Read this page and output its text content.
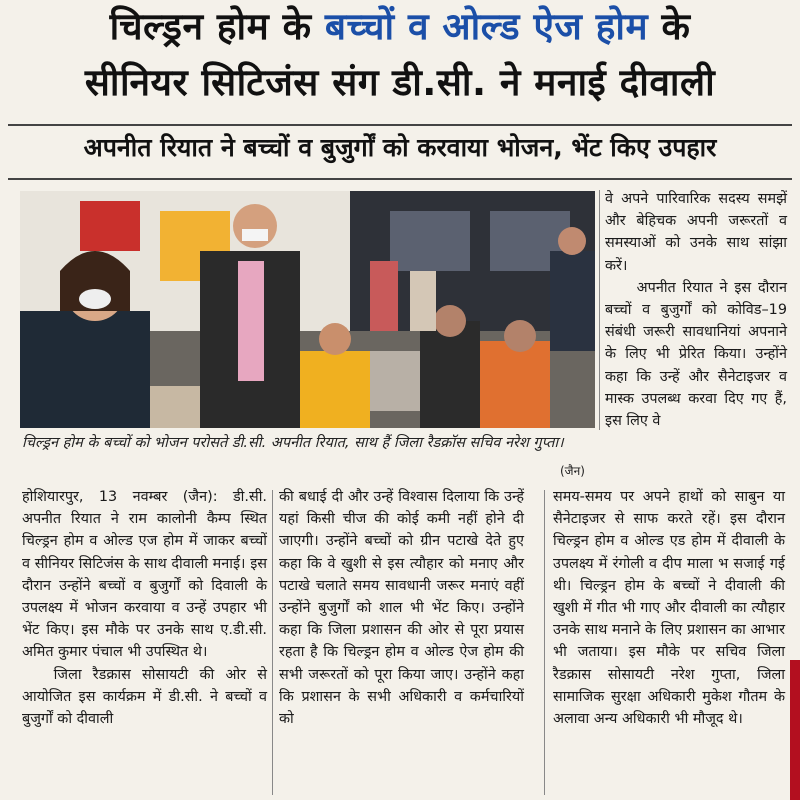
चिल्ड्रन होम के बच्चों व ओल्ड ऐज होम के
सीनियर सिटिजंस संग डी.सी. ने मनाई दीवाली
अपनीत रियात ने बच्चों व बुजुर्गों को करवाया भोजन, भेंट किए उपहार
चिल्ड्रन होम के बच्चों को भोजन परोसते डी.सी. अपनीत रियात, साथ हैं जिला रैडक्रॉस सचिव नरेश गुप्ता।
(जैन)

वे अपने पारिवारिक सदस्य समझें और बेहिचक अपनी जरूरतों व समस्याओं को उनके साथ सांझा करें।

अपनीत रियात ने इस दौरान बच्चों व बुजुर्गों को कोविड–19 संबंधी जरूरी सावधानियां अपनाने के लिए भी प्रेरित किया। उन्होंने कहा कि उन्हें और सैनेटाइजर व मास्क उपलब्ध करवा दिए गए हैं, इस लिए वे

होशियारपुर, 13 नवम्बर (जैन): डी.सी. अपनीत रियात ने राम कालोनी कैम्प स्थित चिल्ड्रन होम व ओल्ड एज होम में जाकर बच्चों व सीनियर सिटिजंस के साथ दीवाली मनाई। इस दौरान उन्होंने बच्चों व बुजुर्गों को दिवाली के उपलक्ष्य में भोजन करवाया व उन्हें उपहार भी भेंट किए। इस मौके पर उनके साथ ए.डी.सी. अमित कुमार पंचाल भी उपस्थित थे।

जिला रैडक्रास सोसायटी की ओर से आयोजित इस कार्यक्रम में डी.सी. ने बच्चों व बुजुर्गों को दीवाली

की बधाई दी और उन्हें विश्वास दिलाया कि उन्हें यहां किसी चीज की कोई कमी नहीं होने दी जाएगी। उन्होंने बच्चों को ग्रीन पटाखे देते हुए कहा कि वे खुशी से इस त्यौहार को मनाए और पटाखे चलाते समय सावधानी जरूर मनाएं वहीं उन्होंने बुजुर्गों को शाल भी भेंट किए। उन्होंने कहा कि जिला प्रशासन की ओर से पूरा प्रयास रहता है कि चिल्ड्रन होम व ओल्ड ऐज होम की सभी जरूरतों को पूरा किया जाए। उन्होंने कहा कि प्रशासन के सभी अधिकारी व कर्मचारियों को

समय-समय पर अपने हाथों को साबुन या सैनेटाइजर से साफ करते रहें। इस दौरान चिल्ड्रन होम व ओल्ड एड होम में दीवाली के उपलक्ष्य में रंगोली व दीप माला भ सजाई गई थी। चिल्ड्रन होम के बच्चों ने दीवाली की खुशी में गीत भी गाए और दीवाली का त्यौहार उनके साथ मनाने के लिए प्रशासन का आभार भी जताया। इस मौके पर सचिव जिला रैडक्रास सोसायटी नरेश गुप्ता, जिला सामाजिक सुरक्षा अधिकारी मुकेश गौतम के अलावा अन्य अधिकारी भी मौजूद थे।
